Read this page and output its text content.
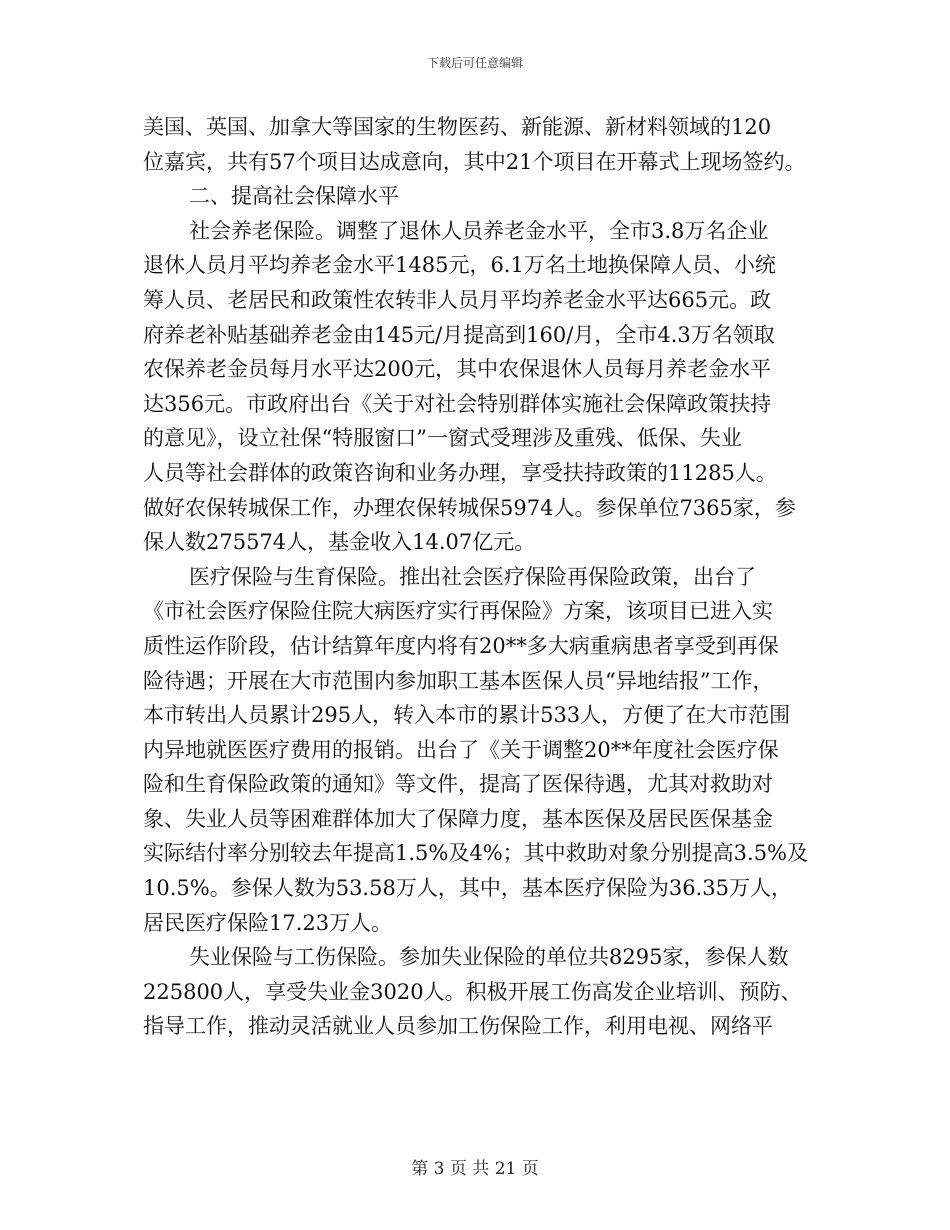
下载后可任意编辑
美国、英国、加拿大等国家的生物医药、新能源、新材料领域的120
位嘉宾，共有57个项目达成意向，其中21个项目在开幕式上现场签约。
二、提高社会保障水平
社会养老保险。调整了退休人员养老金水平，全市3.8万名企业
退休人员月平均养老金水平1485元，6.1万名土地换保障人员、小统
筹人员、老居民和政策性农转非人员月平均养老金水平达665元。政
府养老补贴基础养老金由145元/月提高到160/月，全市4.3万名领取
农保养老金员每月水平达200元，其中农保退休人员每月养老金水平
达356元。市政府出台《关于对社会特别群体实施社会保障政策扶持
的意见》，设立社保“特服窗口”一窗式受理涉及重残、低保、失业
人员等社会群体的政策咨询和业务办理，享受扶持政策的11285人。
做好农保转城保工作，办理农保转城保5974人。参保单位7365家，参
保人数275574人，基金收入14.07亿元。
医疗保险与生育保险。推出社会医疗保险再保险政策，出台了
《市社会医疗保险住院大病医疗实行再保险》方案，该项目已进入实
质性运作阶段，估计结算年度内将有20**多大病重病患者享受到再保
险待遇；开展在大市范围内参加职工基本医保人员“异地结报”工作，
本市转出人员累计295人，转入本市的累计533人，方便了在大市范围
内异地就医医疗费用的报销。出台了《关于调整20**年度社会医疗保
险和生育保险政策的通知》等文件，提高了医保待遇，尤其对救助对
象、失业人员等困难群体加大了保障力度，基本医保及居民医保基金
实际结付率分别较去年提高1.5%及4%；其中救助对象分别提高3.5%及
10.5%。参保人数为53.58万人，其中，基本医疗保险为36.35万人，
居民医疗保险17.23万人。
失业保险与工伤保险。参加失业保险的单位共8295家，参保人数
225800人，享受失业金3020人。积极开展工伤高发企业培训、预防、
指导工作，推动灵活就业人员参加工伤保险工作，利用电视、网络平
第 3 页 共 21 页
